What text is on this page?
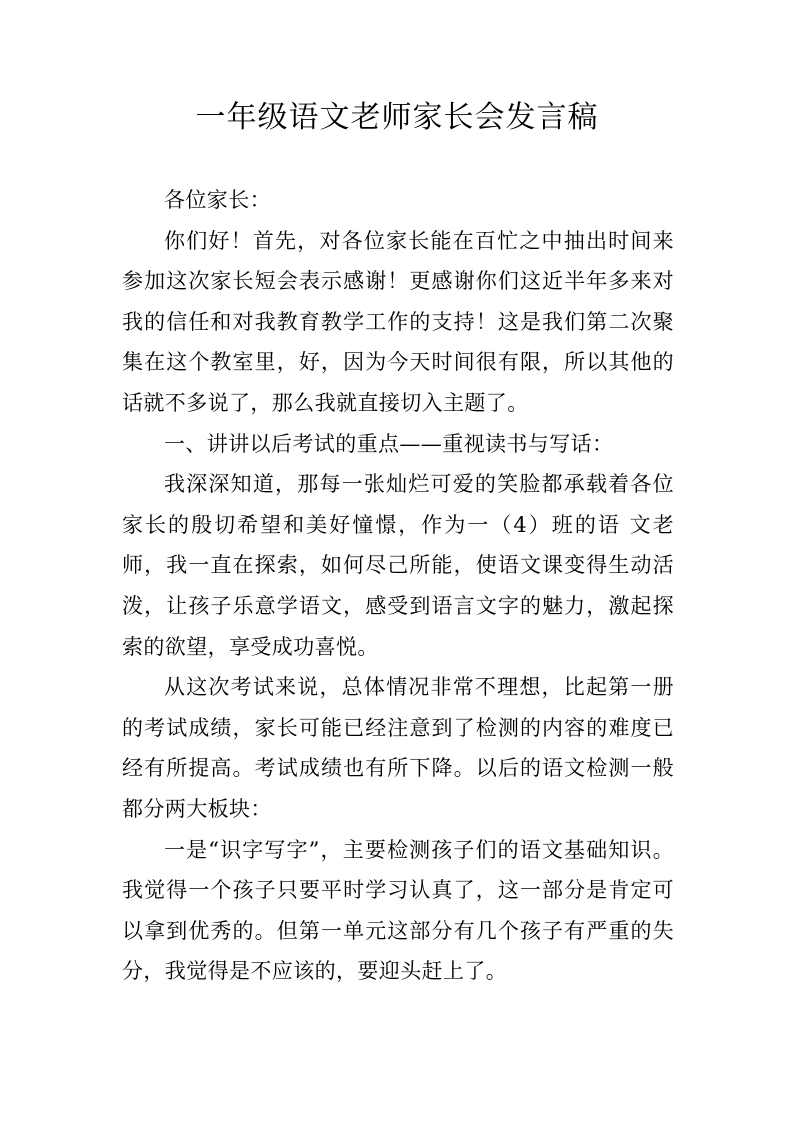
一年级语文老师家长会发言稿

各位家长：

你们好！首先，对各位家长能在百忙之中抽出时间来参加这次家长短会表示感谢！更感谢你们这近半年多来对我的信任和对我教育教学工作的支持！这是我们第二次聚集在这个教室里，好，因为今天时间很有限，所以其他的话就不多说了，那么我就直接切入主题了。

一、讲讲以后考试的重点——重视读书与写话：

我深深知道，那每一张灿烂可爱的笑脸都承载着各位家长的殷切希望和美好憧憬，作为一（4）班的语 文老师，我一直在探索，如何尽己所能，使语文课变得生动活泼，让孩子乐意学语文，感受到语言文字的魅力，激起探索的欲望，享受成功喜悦。

从这次考试来说，总体情况非常不理想，比起第一册的考试成绩，家长可能已经注意到了检测的内容的难度已经有所提高。考试成绩也有所下降。以后的语文检测一般都分两大板块：

一是“识字写字”，主要检测孩子们的语文基础知识。我觉得一个孩子只要平时学习认真了，这一部分是肯定可以拿到优秀的。但第一单元这部分有几个孩子有严重的失分，我觉得是不应该的，要迎头赶上了。
